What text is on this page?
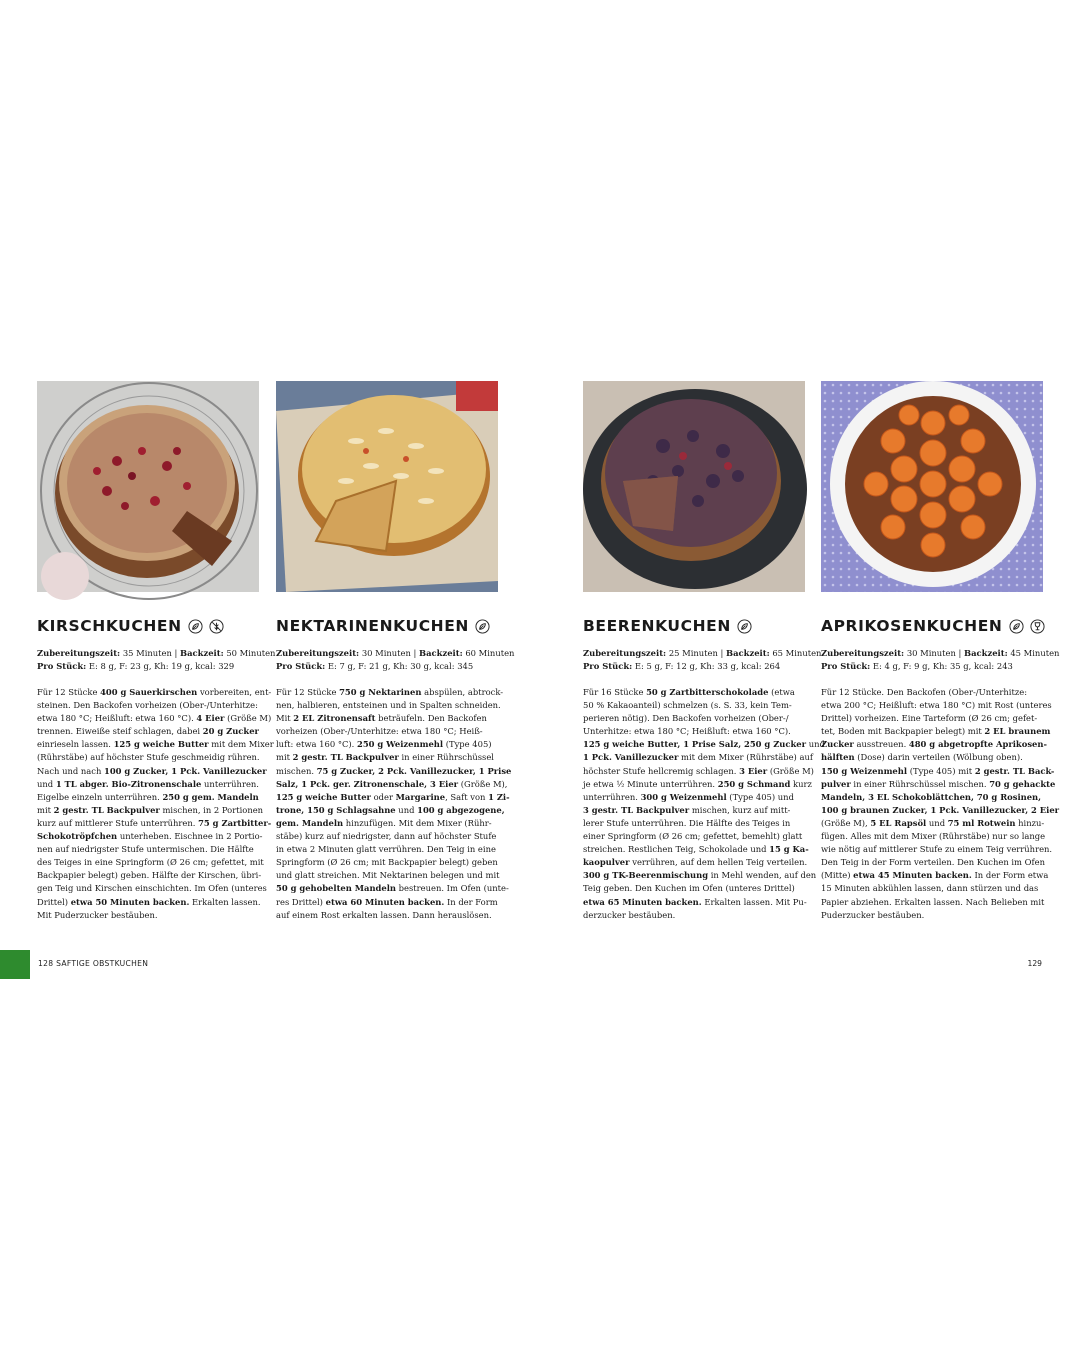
KIRSCHKUCHEN
Zubereitungszeit: 35 Minuten | Backzeit: 50 Minuten
Pro Stück: E: 8 g, F: 23 g, Kh: 19 g, kcal: 329
Für 12 Stücke 400 g Sauerkirschen vorbereiten, ent-
steinen. Den Backofen vorheizen (Ober-/Unterhitze:
etwa 180 °C; Heißluft: etwa 160 °C). 4 Eier (Größe M)
trennen. Eiweiße steif schlagen, dabei 20 g Zucker
einrieseln lassen. 125 g weiche Butter mit dem Mixer
(Rührstäbe) auf höchster Stufe geschmeidig rühren.
Nach und nach 100 g Zucker, 1 Pck. Vanillezucker
und 1 TL abger. Bio-Zitronenschale unterrühren.
Eigelbe einzeln unterrühren. 250 g gem. Mandeln
mit 2 gestr. TL Backpulver mischen, in 2 Portionen
kurz auf mittlerer Stufe unterrühren. 75 g Zartbitter-
Schokotröpfchen unterheben. Eischnee in 2 Portio-
nen auf niedrigster Stufe untermischen. Die Hälfte
des Teiges in eine Springform (Ø 26 cm; gefettet, mit
Backpapier belegt) geben. Hälfte der Kirschen, übri-
gen Teig und Kirschen einschichten. Im Ofen (unteres
Drittel) etwa 50 Minuten backen. Erkalten lassen.
Mit Puderzucker bestäuben.
NEKTARINENKUCHEN
Zubereitungszeit: 30 Minuten | Backzeit: 60 Minuten
Pro Stück: E: 7 g, F: 21 g, Kh: 30 g, kcal: 345
Für 12 Stücke 750 g Nektarinen abspülen, abtrock-
nen, halbieren, entsteinen und in Spalten schneiden.
Mit 2 EL Zitronensaft beträufeln. Den Backofen
vorheizen (Ober-/Unterhitze: etwa 180 °C; Heiß-
luft: etwa 160 °C). 250 g Weizenmehl (Type 405)
mit 2 gestr. TL Backpulver in einer Rührschüssel
mischen. 75 g Zucker, 2 Pck. Vanillezucker, 1 Prise
Salz, 1 Pck. ger. Zitronenschale, 3 Eier (Größe M),
125 g weiche Butter oder Margarine, Saft von 1 Zi-
trone, 150 g Schlagsahne und 100 g abgezogene,
gem. Mandeln hinzufügen. Mit dem Mixer (Rühr-
stäbe) kurz auf niedrigster, dann auf höchster Stufe
in etwa 2 Minuten glatt verrühren. Den Teig in eine
Springform (Ø 26 cm; mit Backpapier belegt) geben
und glatt streichen. Mit Nektarinen belegen und mit
50 g gehobelten Mandeln bestreuen. Im Ofen (unte-
res Drittel) etwa 60 Minuten backen. In der Form
auf einem Rost erkalten lassen. Dann herauslösen.
BEERENKUCHEN
Zubereitungszeit: 25 Minuten | Backzeit: 65 Minuten
Pro Stück: E: 5 g, F: 12 g, Kh: 33 g, kcal: 264
Für 16 Stücke 50 g Zartbitterschokolade (etwa
50 % Kakaoanteil) schmelzen (s. S. 33, kein Tem-
perieren nötig). Den Backofen vorheizen (Ober-/
Unterhitze: etwa 180 °C; Heißluft: etwa 160 °C).
125 g weiche Butter, 1 Prise Salz, 250 g Zucker und
1 Pck. Vanillezucker mit dem Mixer (Rührstäbe) auf
höchster Stufe hellcremig schlagen. 3 Eier (Größe M)
je etwa ½ Minute unterrühren. 250 g Schmand kurz
unterrühren. 300 g Weizenmehl (Type 405) und
3 gestr. TL Backpulver mischen, kurz auf mitt-
lerer Stufe unterrühren. Die Hälfte des Teiges in
einer Springform (Ø 26 cm; gefettet, bemehlt) glatt
streichen. Restlichen Teig, Schokolade und 15 g Ka-
kaopulver verrühren, auf dem hellen Teig verteilen.
300 g TK-Beerenmischung in Mehl wenden, auf den
Teig geben. Den Kuchen im Ofen (unteres Drittel)
etwa 65 Minuten backen. Erkalten lassen. Mit Pu-
derzucker bestäuben.
APRIKOSENKUCHEN
Zubereitungszeit: 30 Minuten | Backzeit: 45 Minuten
Pro Stück: E: 4 g, F: 9 g, Kh: 35 g, kcal: 243
Für 12 Stücke. Den Backofen (Ober-/Unterhitze:
etwa 200 °C; Heißluft: etwa 180 °C) mit Rost (unteres
Drittel) vorheizen. Eine Tarteform (Ø 26 cm; gefet-
tet, Boden mit Backpapier belegt) mit 2 EL braunem
Zucker ausstreuen. 480 g abgetropfte Aprikosen-
hälften (Dose) darin verteilen (Wölbung oben).
150 g Weizenmehl (Type 405) mit 2 gestr. TL Back-
pulver in einer Rührschüssel mischen. 70 g gehackte
Mandeln, 3 EL Schokoblättchen, 70 g Rosinen,
100 g braunen Zucker, 1 Pck. Vanillezucker, 2 Eier
(Größe M), 5 EL Rapsöl und 75 ml Rotwein hinzu-
fügen. Alles mit dem Mixer (Rührstäbe) nur so lange
wie nötig auf mittlerer Stufe zu einem Teig verrühren.
Den Teig in der Form verteilen. Den Kuchen im Ofen
(Mitte) etwa 45 Minuten backen. In der Form etwa
15 Minuten abkühlen lassen, dann stürzen und das
Papier abziehen. Erkalten lassen. Nach Belieben mit
Puderzucker bestäuben.
128 SAFTIGE OBSTKUCHEN	129
